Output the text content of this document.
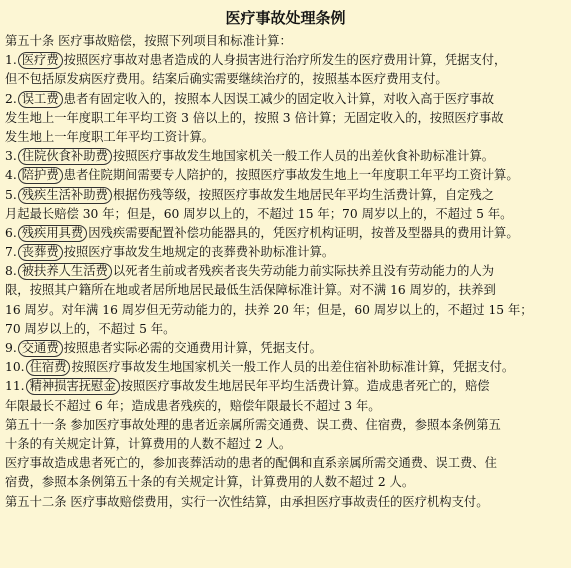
医疗事故处理条例
第五十条 医疗事故赔偿，按照下列项目和标准计算：
1. 医疗费 按照医疗事故对患者造成的人身损害进行治疗所发生的医疗费用计算，凭据支付，
但不包括原发病医疗费用。结案后确实需要继续治疗的，按照基本医疗费用支付。
2. 误工费 患者有固定收入的，按照本人因误工减少的固定收入计算，对收入高于医疗事故
发生地上一年度职工年平均工资 3 倍以上的，按照 3 倍计算；无固定收入的，按照医疗事故
发生地上一年度职工年平均工资计算。
3. 住院伙食补助费 按照医疗事故发生地国家机关一般工作人员的出差伙食补助标准计算。
4. 陪护费 患者住院期间需要专人陪护的，按照医疗事故发生地上一年度职工年平均工资计算。
5. 残疾生活补助费 根据伤残等级，按照医疗事故发生地居民年平均生活费计算，自定残之
月起最长赔偿 30 年；但是，60 周岁以上的，不超过 15 年；70 周岁以上的，不超过 5 年。
6. 残疾用具费 因残疾需要配置补偿功能器具的，凭医疗机构证明，按普及型器具的费用计算。
7. 丧葬费 按照医疗事故发生地规定的丧葬费补助标准计算。
8. 被扶养人生活费 以死者生前或者残疾者丧失劳动能力前实际扶养且没有劳动能力的人为
限，按照其户籍所在地或者居所地居民最低生活保障标准计算。对不满 16 周岁的，扶养到
16 周岁。对年满 16 周岁但无劳动能力的，扶养 20 年；但是，60 周岁以上的，不超过 15 年；
70 周岁以上的，不超过 5 年。
9. 交通费 按照患者实际必需的交通费用计算，凭据支付。
10. 住宿费 按照医疗事故发生地国家机关一般工作人员的出差住宿补助标准计算，凭据支付。
11. 精神损害抚慰金 按照医疗事故发生地居民年平均生活费计算。造成患者死亡的，赔偿
年限最长不超过 6 年；造成患者残疾的，赔偿年限最长不超过 3 年。
第五十一条 参加医疗事故处理的患者近亲属所需交通费、误工费、住宿费，参照本条例第五
十条的有关规定计算，计算费用的人数不超过 2 人。
医疗事故造成患者死亡的，参加丧葬活动的患者的配偶和直系亲属所需交通费、误工费、住
宿费，参照本条例第五十条的有关规定计算，计算费用的人数不超过 2 人。
第五十二条 医疗事故赔偿费用，实行一次性结算，由承担医疗事故责任的医疗机构支付。
